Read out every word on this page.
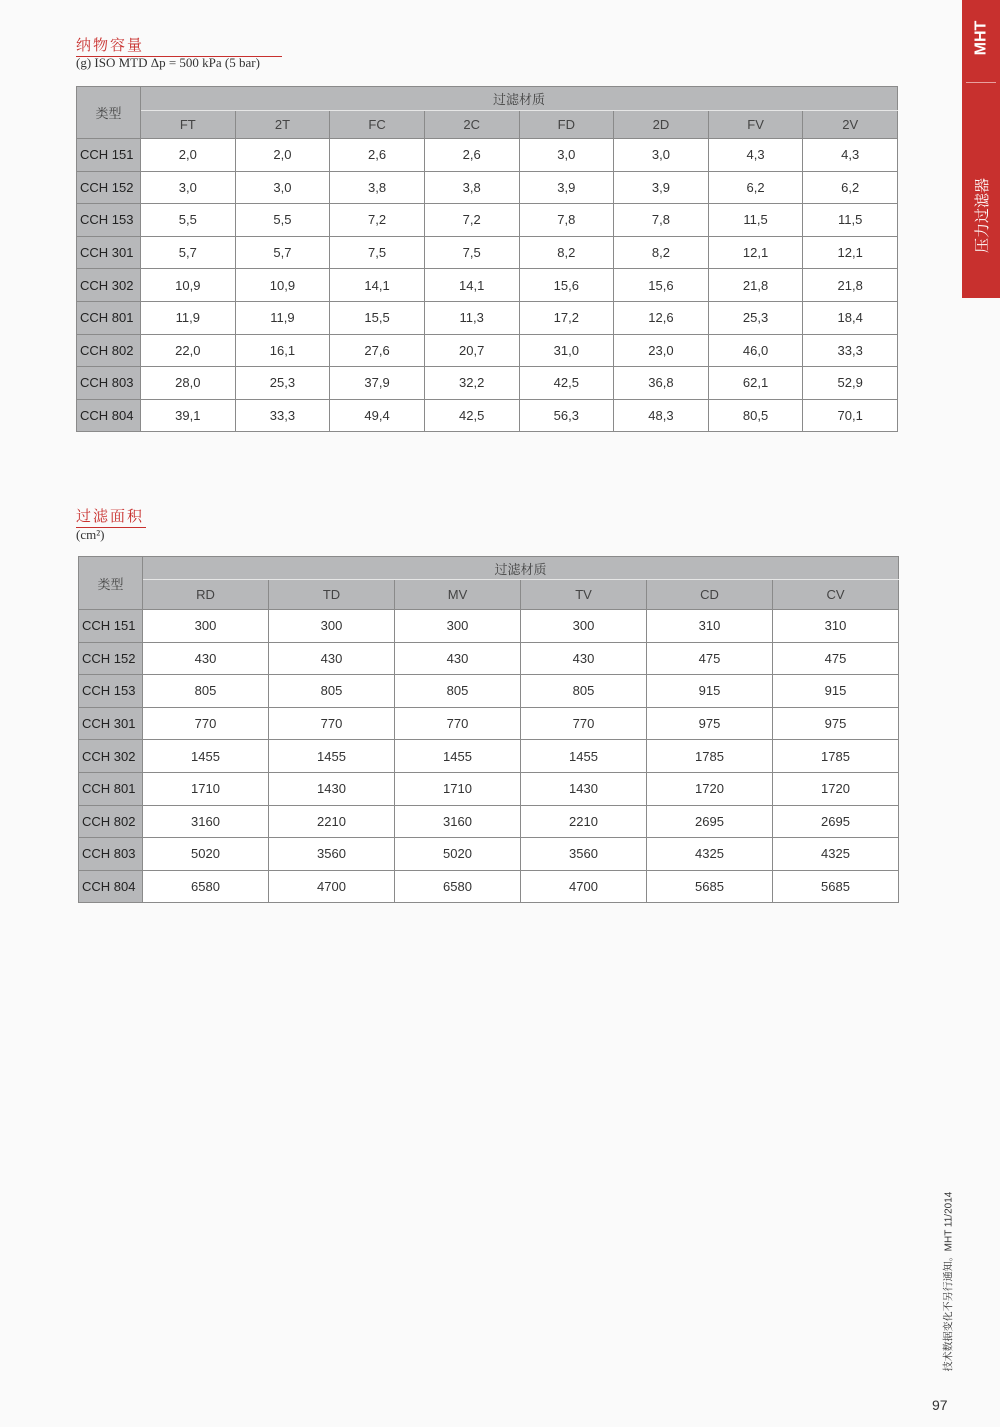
MHT
压力过滤器
纳物容量
(g) ISO MTD Δp = 500 kPa (5 bar)
类型	过滤材质							
	FT	2T	FC	2C	FD	2D	FV	2V
CCH 151	2,0	2,0	2,6	2,6	3,0	3,0	4,3	4,3
CCH 152	3,0	3,0	3,8	3,8	3,9	3,9	6,2	6,2
CCH 153	5,5	5,5	7,2	7,2	7,8	7,8	11,5	11,5
CCH 301	5,7	5,7	7,5	7,5	8,2	8,2	12,1	12,1
CCH 302	10,9	10,9	14,1	14,1	15,6	15,6	21,8	21,8
CCH 801	11,9	11,9	15,5	11,3	17,2	12,6	25,3	18,4
CCH 802	22,0	16,1	27,6	20,7	31,0	23,0	46,0	33,3
CCH 803	28,0	25,3	37,9	32,2	42,5	36,8	62,1	52,9
CCH 804	39,1	33,3	49,4	42,5	56,3	48,3	80,5	70,1
过滤面积
(cm²)
类型	过滤材质					
	RD	TD	MV	TV	CD	CV
CCH 151	300	300	300	300	310	310
CCH 152	430	430	430	430	475	475
CCH 153	805	805	805	805	915	915
CCH 301	770	770	770	770	975	975
CCH 302	1455	1455	1455	1455	1785	1785
CCH 801	1710	1430	1710	1430	1720	1720
CCH 802	3160	2210	3160	2210	2695	2695
CCH 803	5020	3560	5020	3560	4325	4325
CCH 804	6580	4700	6580	4700	5685	5685
技术数据变化不另行通知。MHT 11/2014
97
